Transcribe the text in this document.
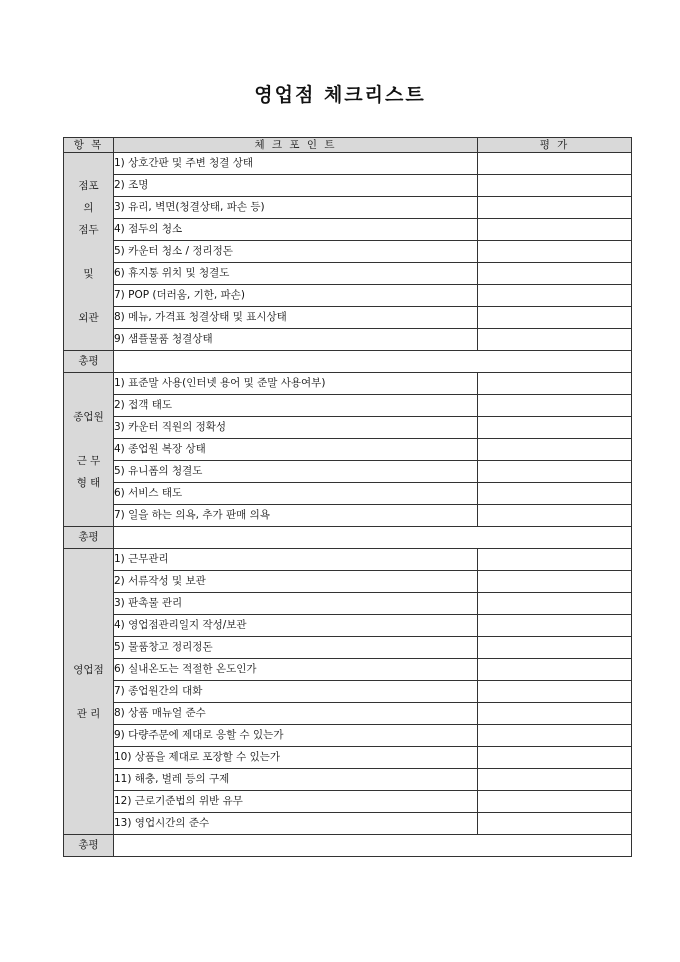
영업점 체크리스트
항 목	체 크 포 인 트	평 가

점포
의
점두

및

외관	1) 상호간판 및 주변 청결 상태	
	2) 조명	
	3) 유리, 벽면(청결상태, 파손 등)	
	4) 점두의 청소	
	5) 카운터 청소 / 정리정돈	
	6) 휴지통 위치 및 청결도	
	7) POP (더러움, 기한, 파손)	
	8) 메뉴, 가격표 청결상태 및 표시상태	
	9) 샘플물품 청결상태	
총평		

종업원

근 무
형 태	1) 표준말 사용(인터넷 용어 및 준말 사용여부)	
	2) 접객 태도	
	3) 카운터 직원의 정확성	
	4) 종업원 복장 상태	
	5) 유니폼의 청결도	
	6) 서비스 태도	
	7) 일을 하는 의욕, 추가 판매 의욕	
총평		

영업점

관 리	1) 근무관리	
	2) 서류작성 및 보관	
	3) 판촉물 관리	
	4) 영업점관리일지 작성/보관	
	5) 물품창고 정리정돈	
	6) 실내온도는 적절한 온도인가	
	7) 종업원간의 대화	
	8) 상품 매뉴얼 준수	
	9) 다량주문에 제대로 응할 수 있는가	
	10) 상품을 제대로 포장할 수 있는가	
	11) 해충, 벌레 등의 구제	
	12) 근로기준법의 위반 유무	
	13) 영업시간의 준수	
총평		
